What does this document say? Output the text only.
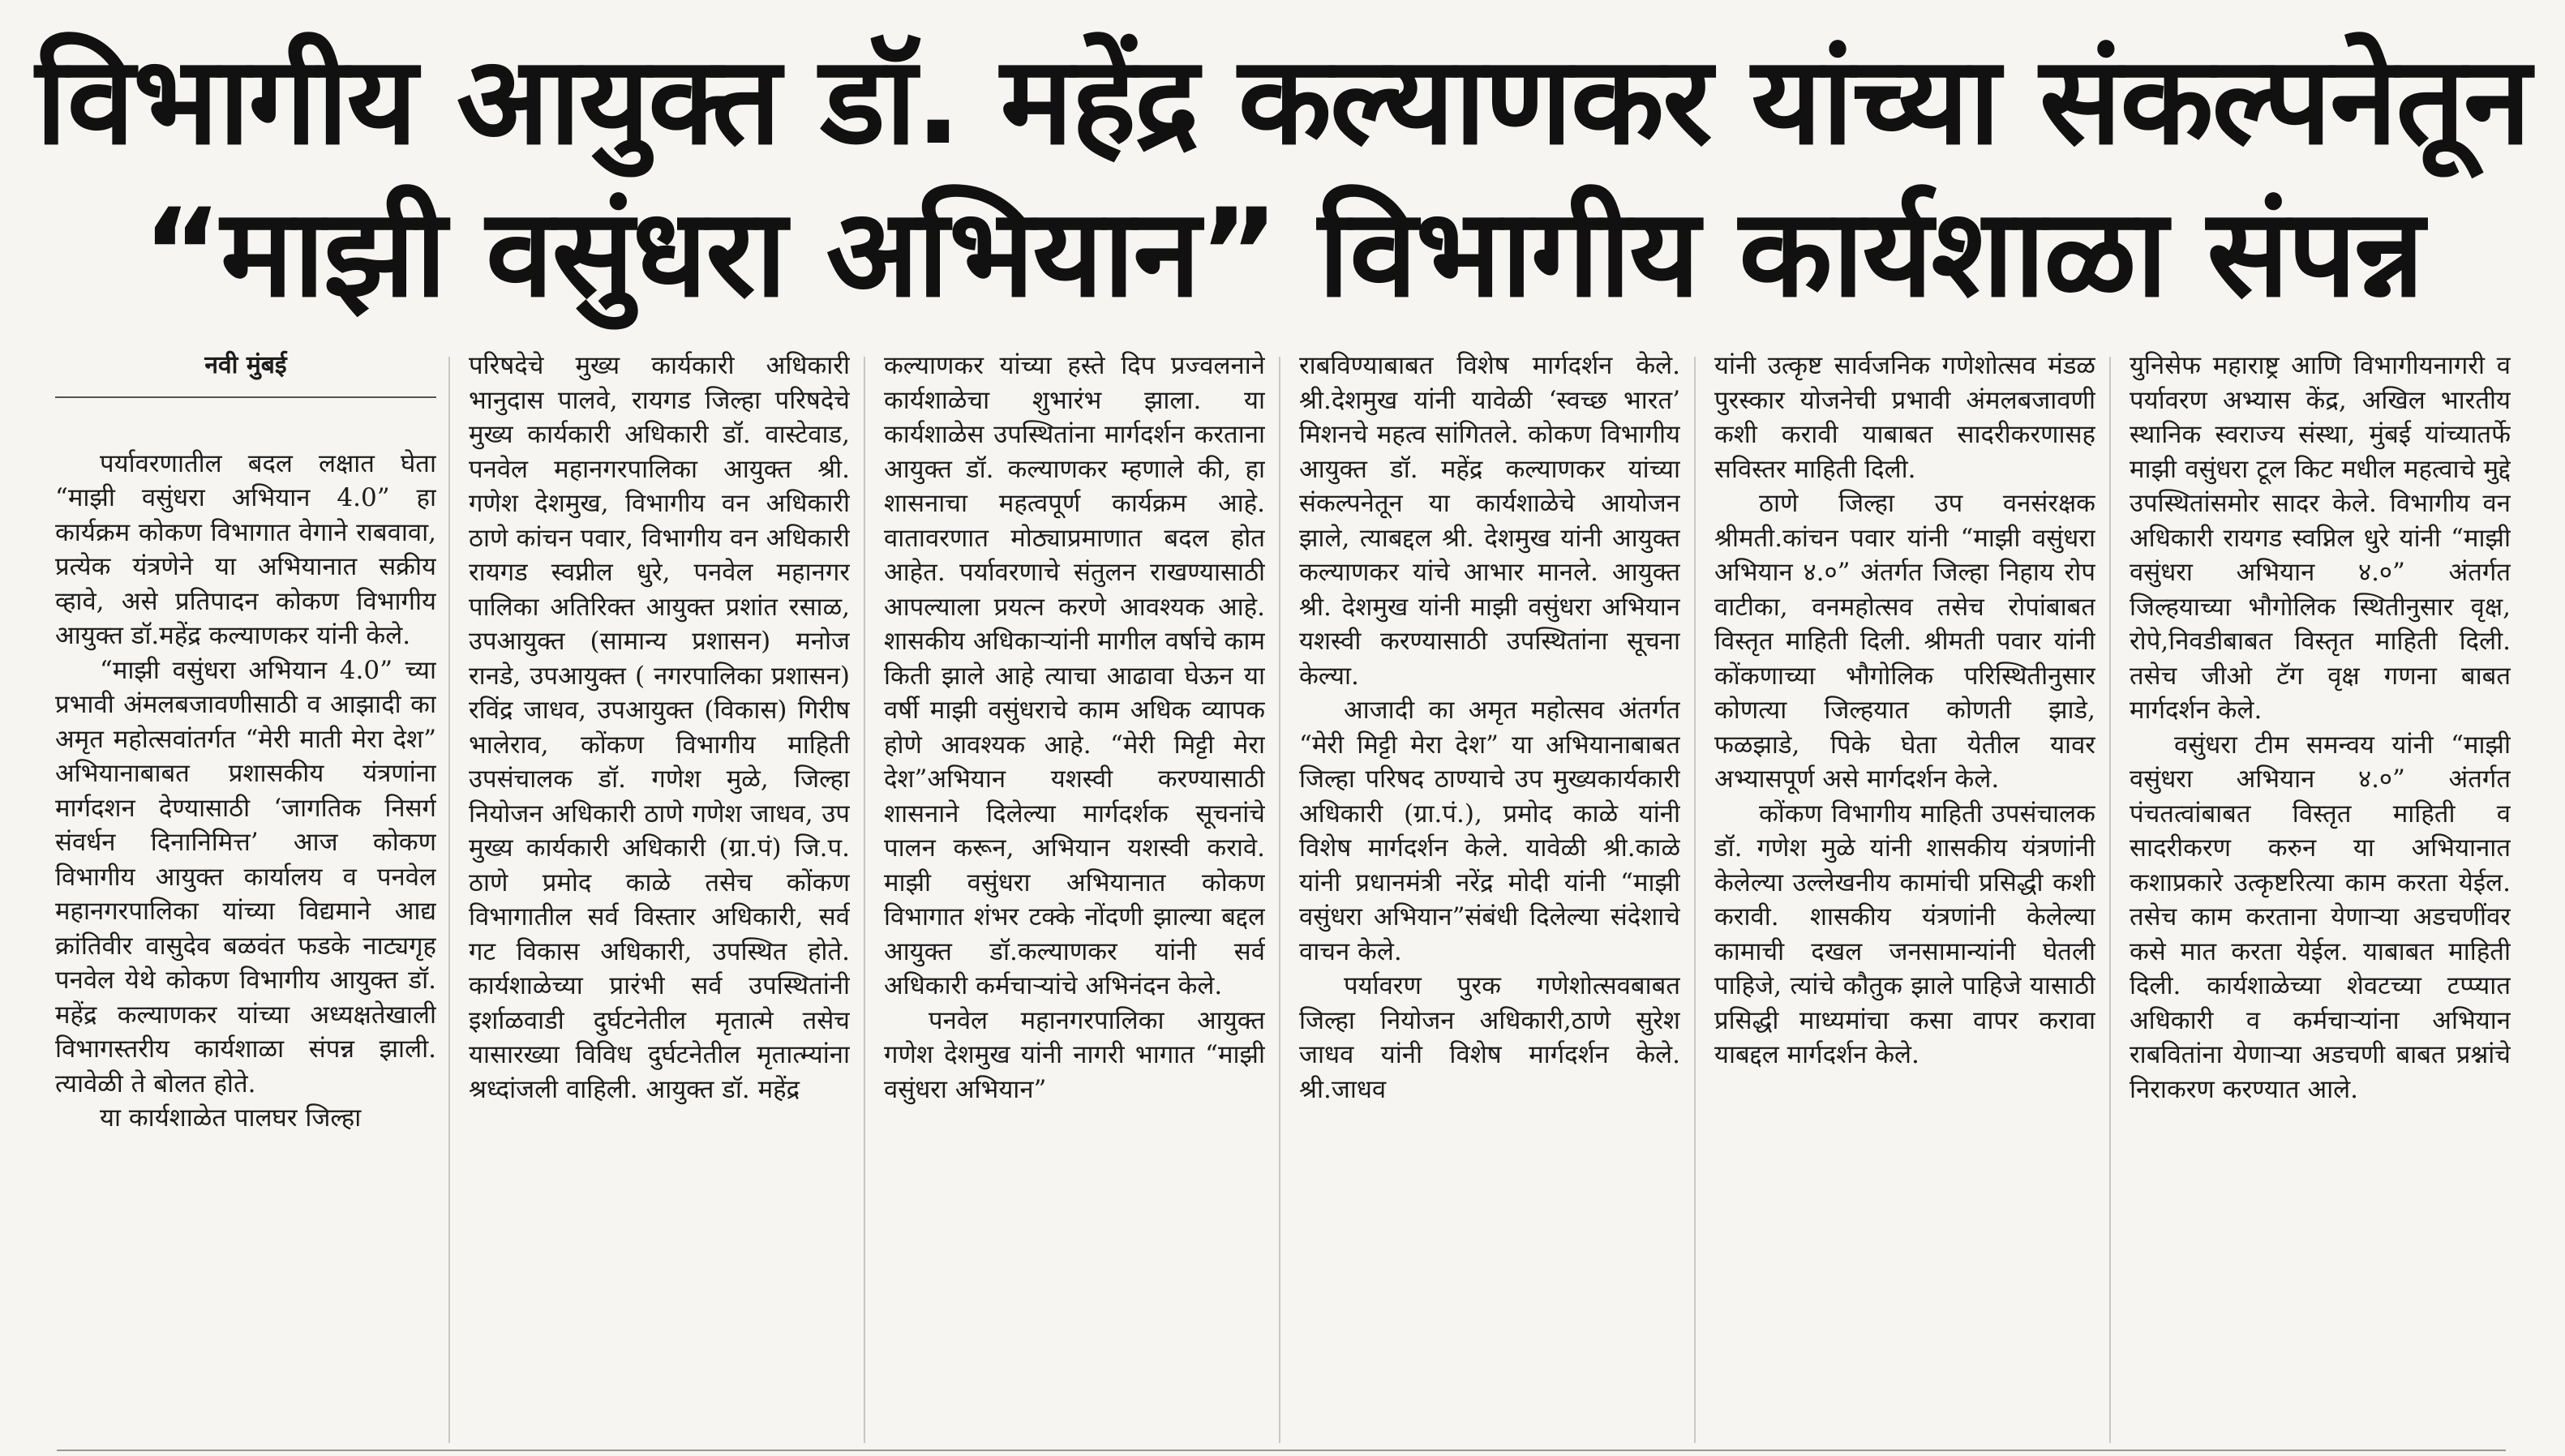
विभागीय आयुक्त डॉ. महेंद्र कल्याणकर यांच्या संकल्पनेतून
“माझी वसुंधरा अभियान” विभागीय कार्यशाळा संपन्न

नवी मुंबई

पर्यावरणातील बदल लक्षात घेता “माझी वसुंधरा अभियान 4.0” हा कार्यक्रम कोकण विभागात वेगाने राबवावा, प्रत्येक यंत्रणेने या अभियानात सक्रीय व्हावे, असे प्रतिपादन कोकण विभागीय आयुक्त डॉ.महेंद्र कल्याणकर यांनी केले.

“माझी वसुंधरा अभियान 4.0” च्या प्रभावी अंमलबजावणीसाठी व आझादी का अमृत महोत्सवांतर्गत “मेरी माती मेरा देश” अभियानाबाबत प्रशासकीय यंत्रणांना मार्गदशन देण्यासाठी ‘जागतिक निसर्ग संवर्धन दिनानिमित्त’ आज कोकण विभागीय आयुक्त कार्यालय व पनवेल महानगरपालिका यांच्या विद्यमाने आद्य क्रांतिवीर वासुदेव बळवंत फडके नाट्यगृह पनवेल येथे कोकण विभागीय आयुक्त डॉ. महेंद्र कल्याणकर यांच्या अध्यक्षतेखाली विभागस्तरीय कार्यशाळा संपन्न झाली. त्यावेळी ते बोलत होते.

या कार्यशाळेत पालघर जिल्हा

परिषदेचे मुख्य कार्यकारी अधिकारी भानुदास पालवे, रायगड जिल्हा परिषदेचे मुख्य कार्यकारी अधिकारी डॉ. वास्टेवाड, पनवेल महानगरपालिका आयुक्त श्री. गणेश देशमुख, विभागीय वन अधिकारी ठाणे कांचन पवार, विभागीय वन अधिकारी रायगड स्वप्नील धुरे, पनवेल महानगर पालिका अतिरिक्त आयुक्त प्रशांत रसाळ, उपआयुक्त (सामान्य प्रशासन) मनोज रानडे, उपआयुक्त ( नगरपालिका प्रशासन) रविंद्र जाधव, उपआयुक्त (विकास) गिरीष भालेराव, कोंकण विभागीय माहिती उपसंचालक डॉ. गणेश मुळे, जिल्हा नियोजन अधिकारी ठाणे गणेश जाधव, उप मुख्य कार्यकारी अधिकारी (ग्रा.पं) जि.प. ठाणे प्रमोद काळे तसेच कोंकण विभागातील सर्व विस्तार अधिकारी, सर्व गट विकास अधिकारी, उपस्थित होते. कार्यशाळेच्या प्रारंभी सर्व उपस्थितांनी इर्शाळवाडी दुर्घटनेतील मृतात्मे तसेच यासारख्या विविध दुर्घटनेतील मृतात्म्यांना श्रध्दांजली वाहिली. आयुक्त डॉ. महेंद्र

कल्याणकर यांच्या हस्ते दिप प्रज्वलनाने कार्यशाळेचा शुभारंभ झाला. या कार्यशाळेस उपस्थितांना मार्गदर्शन करताना आयुक्त डॉ. कल्याणकर म्हणाले की, हा शासनाचा महत्वपूर्ण कार्यक्रम आहे. वातावरणात मोठ्याप्रमाणात बदल होत आहेत. पर्यावरणाचे संतुलन राखण्यासाठी आपल्याला प्रयत्न करणे आवश्यक आहे. शासकीय अधिकाऱ्यांनी मागील वर्षाचे काम किती झाले आहे त्याचा आढावा घेऊन या वर्षी माझी वसुंधराचे काम अधिक व्यापक होणे आवश्यक आहे. “मेरी मिट्टी मेरा देश”अभियान यशस्वी करण्यासाठी शासनाने दिलेल्या मार्गदर्शक सूचनांचे पालन करून, अभियान यशस्वी करावे. माझी वसुंधरा अभियानात कोकण विभागात शंभर टक्के नोंदणी झाल्या बद्दल आयुक्त डॉ.कल्याणकर यांनी सर्व अधिकारी कर्मचाऱ्यांचे अभिनंदन केले.

पनवेल महानगरपालिका आयुक्त गणेश देशमुख यांनी नागरी भागात “माझी वसुंधरा अभियान”

राबविण्याबाबत विशेष मार्गदर्शन केले. श्री.देशमुख यांनी यावेळी ‘स्वच्छ भारत’ मिशनचे महत्व सांगितले. कोकण विभागीय आयुक्त डॉ. महेंद्र कल्याणकर यांच्या संकल्पनेतून या कार्यशाळेचे आयोजन झाले, त्याबद्दल श्री. देशमुख यांनी आयुक्त कल्याणकर यांचे आभार मानले. आयुक्त श्री. देशमुख यांनी माझी वसुंधरा अभियान यशस्वी करण्यासाठी उपस्थितांना सूचना केल्या.

आजादी का अमृत महोत्सव अंतर्गत “मेरी मिट्टी मेरा देश” या अभियानाबाबत जिल्हा परिषद ठाण्याचे उप मुख्यकार्यकारी अधिकारी (ग्रा.पं.), प्रमोद काळे यांनी विशेष मार्गदर्शन केले. यावेळी श्री.काळे यांनी प्रधानमंत्री नरेंद्र मोदी यांनी “माझी वसुंधरा अभियान”संबंधी दिलेल्या संदेशाचे वाचन केले.

पर्यावरण पुरक गणेशोत्सवबाबत जिल्हा नियोजन अधिकारी,ठाणे सुरेश जाधव यांनी विशेष मार्गदर्शन केले. श्री.जाधव

यांनी उत्कृष्ट सार्वजनिक गणेशोत्सव मंडळ पुरस्कार योजनेची प्रभावी अंमलबजावणी कशी करावी याबाबत सादरीकरणासह सविस्तर माहिती दिली.

ठाणे जिल्हा उप वनसंरक्षक श्रीमती.कांचन पवार यांनी “माझी वसुंधरा अभियान ४.०” अंतर्गत जिल्हा निहाय रोप वाटीका, वनमहोत्सव तसेच रोपांबाबत विस्तृत माहिती दिली. श्रीमती पवार यांनी कोंकणाच्या भौगोलिक परिस्थितीनुसार कोणत्या जिल्हयात कोणती झाडे, फळझाडे, पिके घेता येतील यावर अभ्यासपूर्ण असे मार्गदर्शन केले.

कोंकण विभागीय माहिती उपसंचालक डॉ. गणेश मुळे यांनी शासकीय यंत्रणांनी केलेल्या उल्लेखनीय कामांची प्रसिद्धी कशी करावी. शासकीय यंत्रणांनी केलेल्या कामाची दखल जनसामान्यांनी घेतली पाहिजे, त्यांचे कौतुक झाले पाहिजे यासाठी प्रसिद्धी माध्यमांचा कसा वापर करावा याबद्दल मार्गदर्शन केले.

युनिसेफ महाराष्ट्र आणि विभागीयनागरी व पर्यावरण अभ्यास केंद्र, अखिल भारतीय स्थानिक स्वराज्य संस्था, मुंबई यांच्यातर्फे माझी वसुंधरा टूल किट मधील महत्वाचे मुद्दे उपस्थितांसमोर सादर केले. विभागीय वन अधिकारी रायगड स्वप्निल धुरे यांनी “माझी वसुंधरा अभियान ४.०” अंतर्गत जिल्हयाच्या भौगोलिक स्थितीनुसार वृक्ष, रोपे,निवडीबाबत विस्तृत माहिती दिली. तसेच जीओ टॅग वृक्ष गणना बाबत मार्गदर्शन केले.

वसुंधरा टीम समन्वय यांनी “माझी वसुंधरा अभियान ४.०” अंतर्गत पंचतत्वांबाबत विस्तृत माहिती व सादरीकरण करुन या अभियानात कशाप्रकारे उत्कृष्टरित्या काम करता येईल. तसेच काम करताना येणाऱ्या अडचणींवर कसे मात करता येईल. याबाबत माहिती दिली. कार्यशाळेच्या शेवटच्या टप्प्यात अधिकारी व कर्मचाऱ्यांना अभियान राबवितांना येणाऱ्या अडचणी बाबत प्रश्नांचे निराकरण करण्यात आले.
